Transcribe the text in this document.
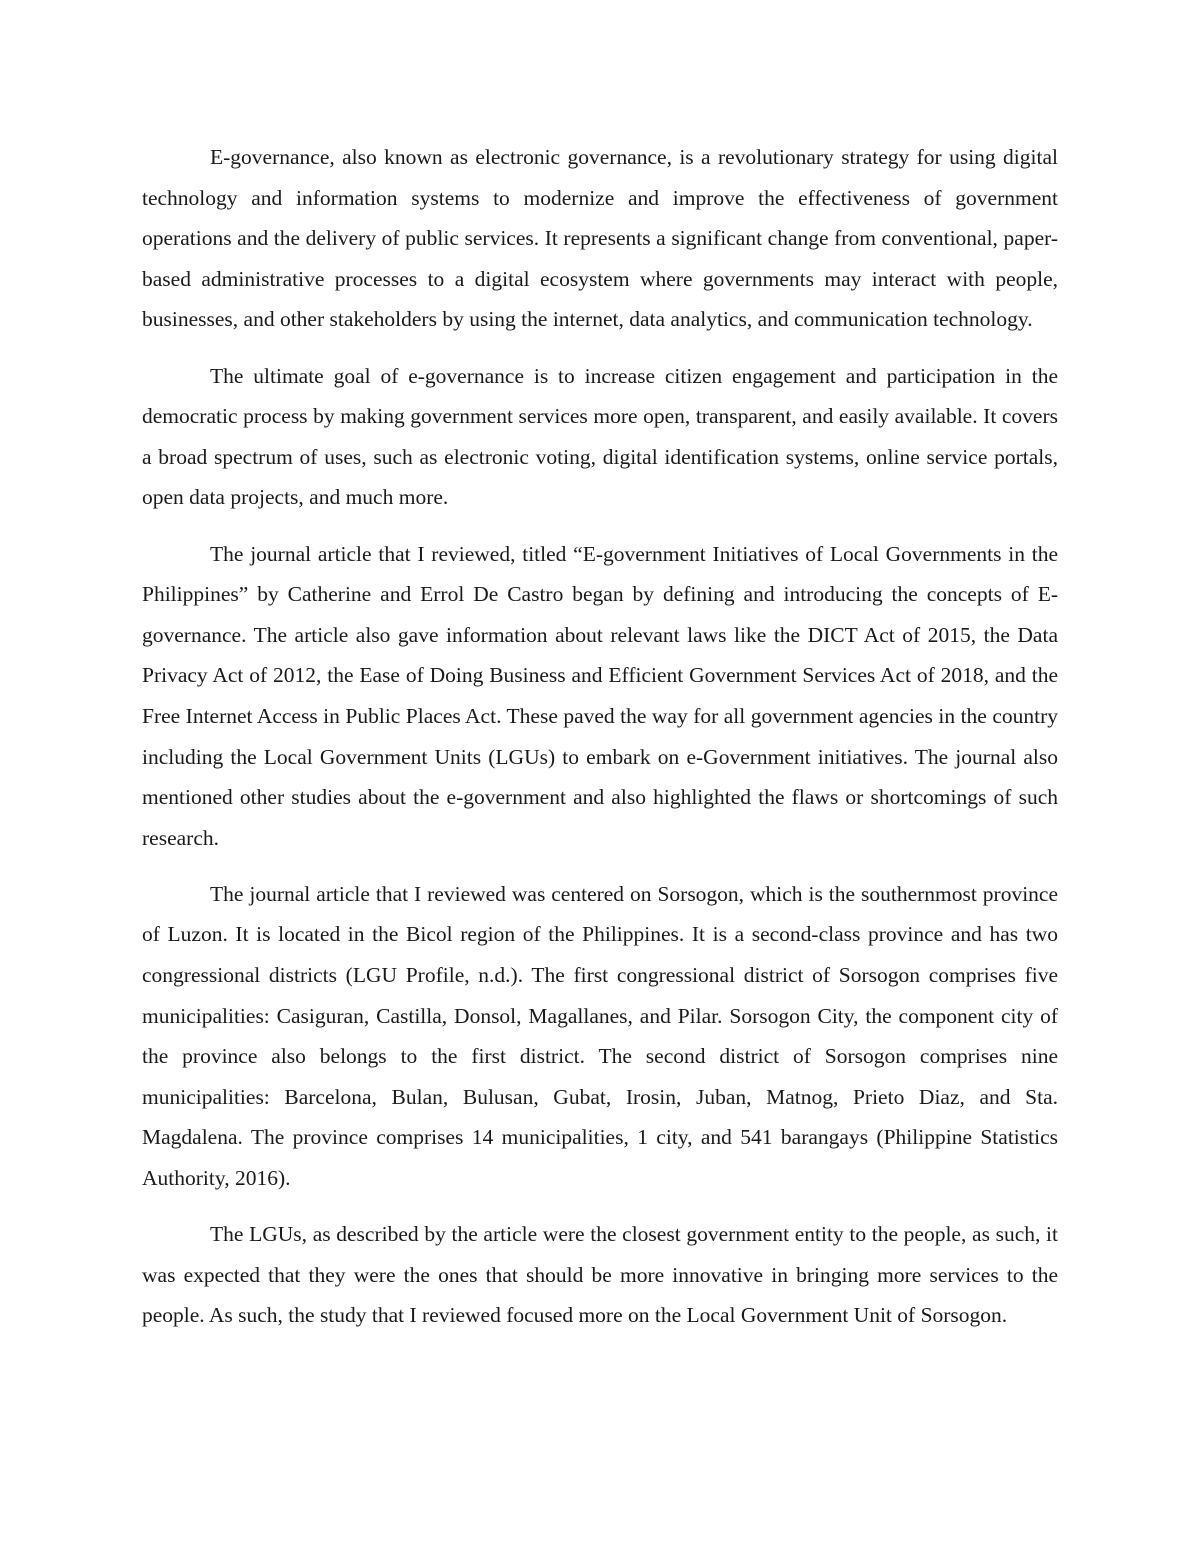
E-governance, also known as electronic governance, is a revolutionary strategy for using digital technology and information systems to modernize and improve the effectiveness of government operations and the delivery of public services. It represents a significant change from conventional, paper-based administrative processes to a digital ecosystem where governments may interact with people, businesses, and other stakeholders by using the internet, data analytics, and communication technology.

The ultimate goal of e-governance is to increase citizen engagement and participation in the democratic process by making government services more open, transparent, and easily available. It covers a broad spectrum of uses, such as electronic voting, digital identification systems, online service portals, open data projects, and much more.

The journal article that I reviewed, titled “E-government Initiatives of Local Governments in the Philippines” by Catherine and Errol De Castro began by defining and introducing the concepts of E-governance. The article also gave information about relevant laws like the DICT Act of 2015, the Data Privacy Act of 2012, the Ease of Doing Business and Efficient Government Services Act of 2018, and the Free Internet Access in Public Places Act. These paved the way for all government agencies in the country including the Local Government Units (LGUs) to embark on e-Government initiatives. The journal also mentioned other studies about the e-government and also highlighted the flaws or shortcomings of such research.

The journal article that I reviewed was centered on Sorsogon, which is the southernmost province of Luzon. It is located in the Bicol region of the Philippines. It is a second-class province and has two congressional districts (LGU Profile, n.d.). The first congressional district of Sorsogon comprises five municipalities: Casiguran, Castilla, Donsol, Magallanes, and Pilar. Sorsogon City, the component city of the province also belongs to the first district. The second district of Sorsogon comprises nine municipalities: Barcelona, Bulan, Bulusan, Gubat, Irosin, Juban, Matnog, Prieto Diaz, and Sta. Magdalena. The province comprises 14 municipalities, 1 city, and 541 barangays (Philippine Statistics Authority, 2016).

The LGUs, as described by the article were the closest government entity to the people, as such, it was expected that they were the ones that should be more innovative in bringing more services to the people. As such, the study that I reviewed focused more on the Local Government Unit of Sorsogon.
